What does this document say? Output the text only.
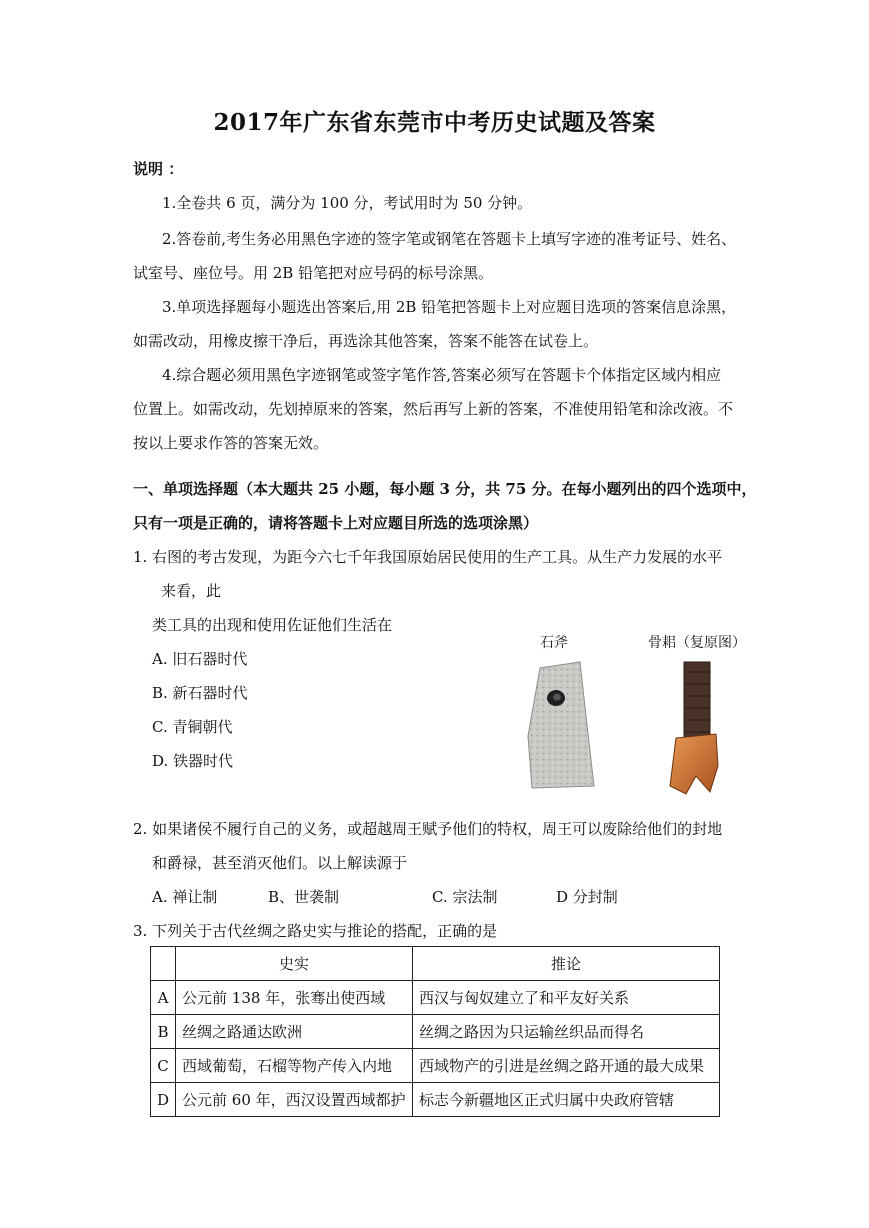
2017年广东省东莞市中考历史试题及答案
说明 ：
1.全卷共 6 页，满分为 100 分，考试用时为 50 分钟。
2.答卷前,考生务必用黑色字迹的签字笔或钢笔在答题卡上填写字迹的准考证号、姓名、
试室号、座位号。用 2B 铅笔把对应号码的标号涂黑。
3.单项选择题每小题选出答案后,用 2B 铅笔把答题卡上对应题目选项的答案信息涂黑，
如需改动，用橡皮擦干净后，再选涂其他答案，答案不能答在试卷上。
4.综合题必须用黑色字迹钢笔或签字笔作答,答案必须写在答题卡个体指定区域内相应
位置上。如需改动，先划掉原来的答案，然后再写上新的答案，不准使用铅笔和涂改液。不
按以上要求作答的答案无效。
一、单项选择题（本大题共 25 小题，每小题 3 分，共 75 分。在每小题列出的四个选项中，
只有一项是正确的，请将答题卡上对应题目所选的选项涂黑）
1. 右图的考古发现，为距今六七千年我国原始居民使用的生产工具。从生产力发展的水平
来看，此
类工具的出现和使用佐证他们生活在
A. 旧石器时代
B. 新石器时代
C. 青铜朝代
D. 铁器时代
石斧	骨耜（复原图）
2. 如果诸侯不履行自己的义务，或超越周王赋予他们的特权，周王可以废除给他们的封地
和爵禄，甚至消灭他们。以上解读源于
A. 禅让制	B、世袭制	C. 宗法制	D 分封制
3. 下列关于古代丝绸之路史实与推论的搭配，正确的是
	史实	推论
A	公元前 138 年，张骞出使西域	西汉与匈奴建立了和平友好关系
B	丝绸之路通达欧洲	丝绸之路因为只运输丝织品而得名
C	西域葡萄，石榴等物产传入内地	西域物产的引进是丝绸之路开通的最大成果
D	公元前 60 年，西汉设置西域都护	标志今新疆地区正式归属中央政府管辖
